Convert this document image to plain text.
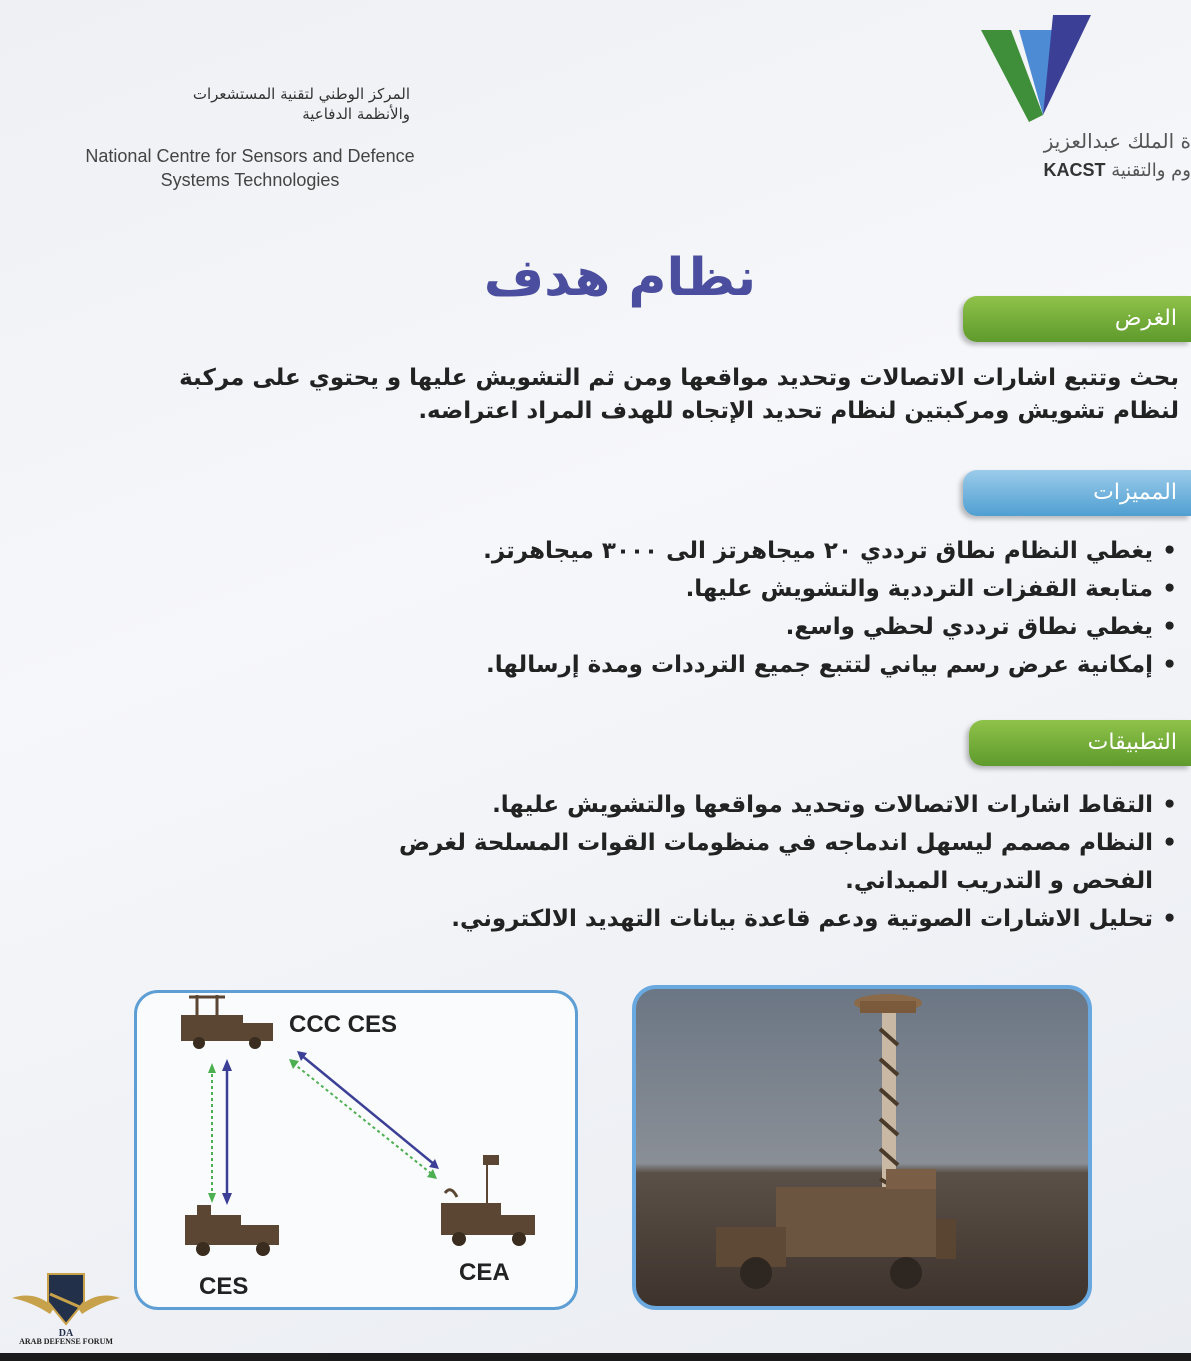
المركز الوطني لتقنية المستشعرات
والأنظمة الدفاعية
National Centre for Sensors and Defence
Systems Technologies
ة الملك عبدالعزيز
وم والتقنية KACST
نظام هدف
الغرض
بحث وتتبع اشارات الاتصالات وتحديد مواقعها ومن ثم التشويش عليها و يحتوي على مركبة لنظام تشويش ومركبتين لنظام تحديد الإتجاه للهدف المراد اعتراضه.
المميزات
• يغطي النظام نطاق ترددي ٢٠ ميجاهرتز الى ٣٠٠٠ ميجاهرتز.
• متابعة القفزات الترددية والتشويش عليها.
• يغطي نطاق ترددي لحظي واسع.
• إمكانية عرض رسم بياني لتتبع جميع الترددات ومدة إرسالها.
التطبيقات
• التقاط اشارات الاتصالات وتحديد مواقعها والتشويش عليها.
• النظام مصمم ليسهل اندماجه في منظومات القوات المسلحة لغرض الفحص و التدريب الميداني.
• تحليل الاشارات الصوتية ودعم قاعدة بيانات التهديد الالكتروني.
CCC CES
CES
CEA
DA
ARAB DEFENSE FORUM
